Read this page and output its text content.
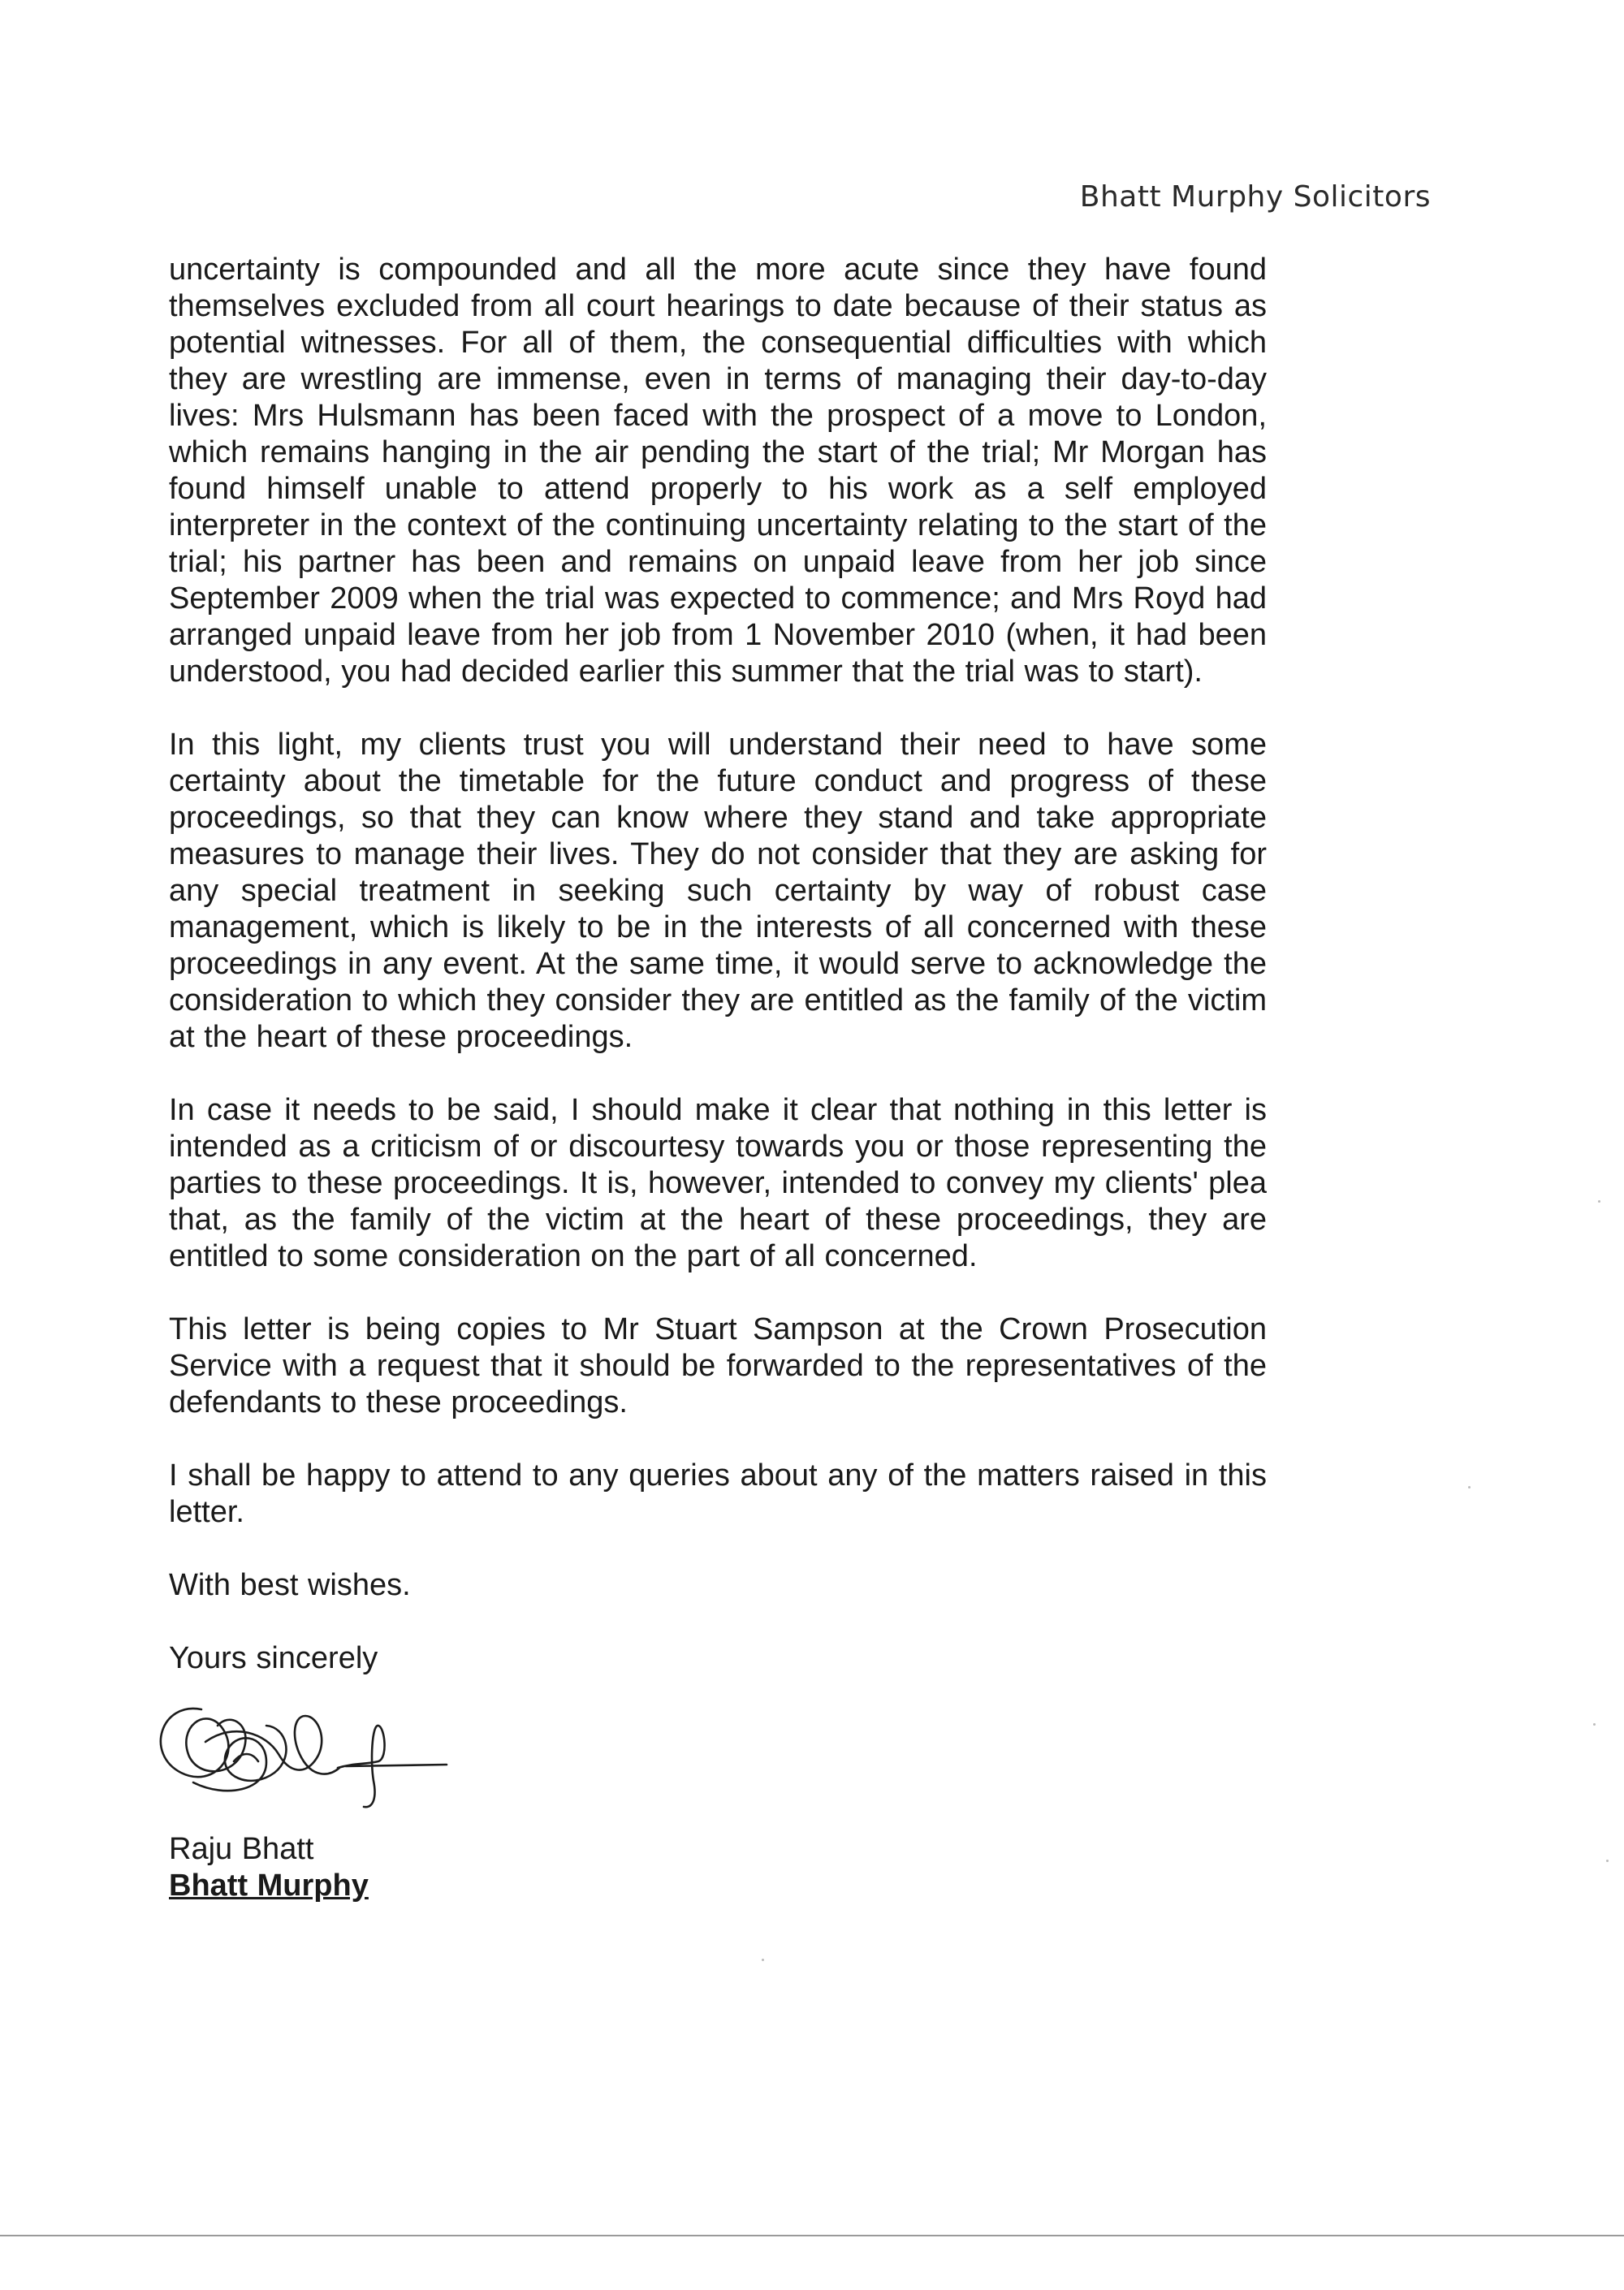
Bhatt Murphy Solicitors

uncertainty is compounded and all the more acute since they have found themselves excluded from all court hearings to date because of their status as potential witnesses. For all of them, the consequential difficulties with which they are wrestling are immense, even in terms of managing their day-to-day lives: Mrs Hulsmann has been faced with the prospect of a move to London, which remains hanging in the air pending the start of the trial; Mr Morgan has found himself unable to attend properly to his work as a self employed interpreter in the context of the continuing uncertainty relating to the start of the trial; his partner has been and remains on unpaid leave from her job since September 2009 when the trial was expected to commence; and Mrs Royd had arranged unpaid leave from her job from 1 November 2010 (when, it had been understood, you had decided earlier this summer that the trial was to start).

In this light, my clients trust you will understand their need to have some certainty about the timetable for the future conduct and progress of these proceedings, so that they can know where they stand and take appropriate measures to manage their lives. They do not consider that they are asking for any special treatment in seeking such certainty by way of robust case management, which is likely to be in the interests of all concerned with these proceedings in any event. At the same time, it would serve to acknowledge the consideration to which they consider they are entitled as the family of the victim at the heart of these proceedings.

In case it needs to be said, I should make it clear that nothing in this letter is intended as a criticism of or discourtesy towards you or those representing the parties to these proceedings. It is, however, intended to convey my clients' plea that, as the family of the victim at the heart of these proceedings, they are entitled to some consideration on the part of all concerned.

This letter is being copies to Mr Stuart Sampson at the Crown Prosecution Service with a request that it should be forwarded to the representatives of the defendants to these proceedings.

I shall be happy to attend to any queries about any of the matters raised in this letter.

With best wishes.

Yours sincerely

Raju Bhatt
Bhatt Murphy
